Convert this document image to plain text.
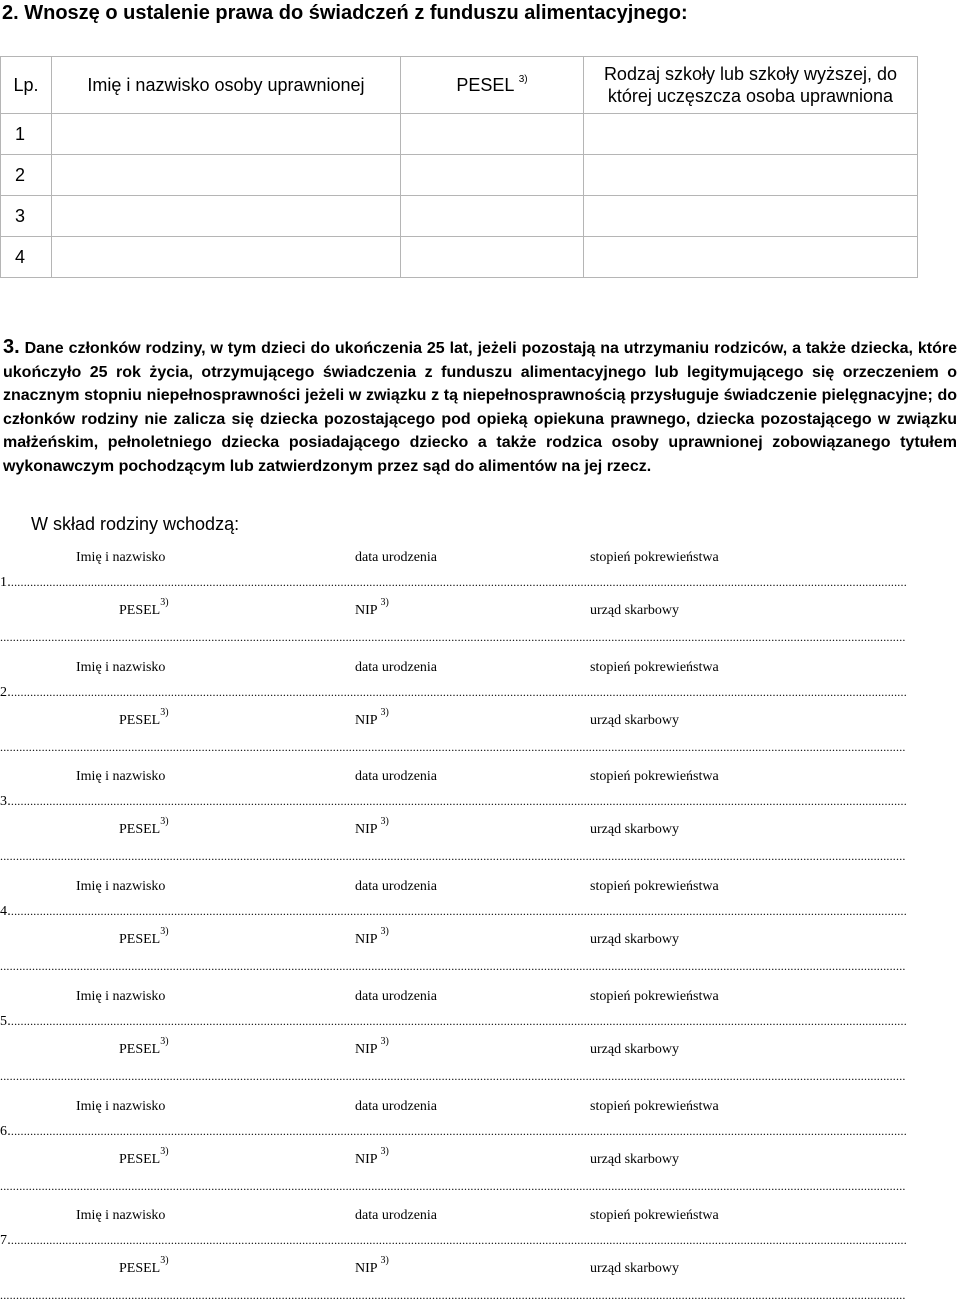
2. Wnoszę o ustalenie prawa do świadczeń z funduszu alimentacyjnego:
Lp.	Imię i nazwisko osoby uprawnionej	PESEL $^{3)}$	Rodzaj szkoły lub szkoły wyższej, do
której uczęszcza osoba uprawniona
1			
2			
3			
4			

3. Dane członków rodziny, w tym dzieci do ukończenia 25 lat, jeżeli pozostają na utrzymaniu rodziców, a także dziecka, które ukończyło 25 rok życia, otrzymującego świadczenia z funduszu alimentacyjnego lub legitymującego się orzeczeniem o znacznym stopniu niepełnosprawności jeżeli w związku z tą niepełnosprawnością przysługuje świadczenie pielęgnacyjne; do członków rodziny nie zalicza się dziecka pozostającego pod opieką opiekuna prawnego, dziecka pozostającego w związku małżeńskim, pełnoletniego dziecka posiadającego dziecko a także rodzica osoby uprawnionej zobowiązanego tytułem wykonawczym pochodzącym lub zatwierdzonym przez sąd do alimentów na jej rzecz.

W skład rodziny wchodzą:

Imię i nazwisko	data urodzenia	stopień pokrewieństwa
1. .....
PESEL$^{3)}$
NIP $^{3)}$
urząd skarbowy
.....
Imię i nazwisko	data urodzenia	stopień pokrewieństwa
2. .....
PESEL$^{3)}$
NIP $^{3)}$
urząd skarbowy
.....
Imię i nazwisko	data urodzenia	stopień pokrewieństwa
3. .....
PESEL$^{3)}$
NIP $^{3)}$
urząd skarbowy
.....
Imię i nazwisko	data urodzenia	stopień pokrewieństwa
4. .....
PESEL$^{3)}$
NIP $^{3)}$
urząd skarbowy
.....
Imię i nazwisko	data urodzenia	stopień pokrewieństwa
5. .....
PESEL$^{3)}$
NIP $^{3)}$
urząd skarbowy
.....
Imię i nazwisko	data urodzenia	stopień pokrewieństwa
6. .....
PESEL$^{3)}$
NIP $^{3)}$
urząd skarbowy
.....
Imię i nazwisko	data urodzenia	stopień pokrewieństwa
7. .....
PESEL$^{3)}$
NIP $^{3)}$
urząd skarbowy
.....
